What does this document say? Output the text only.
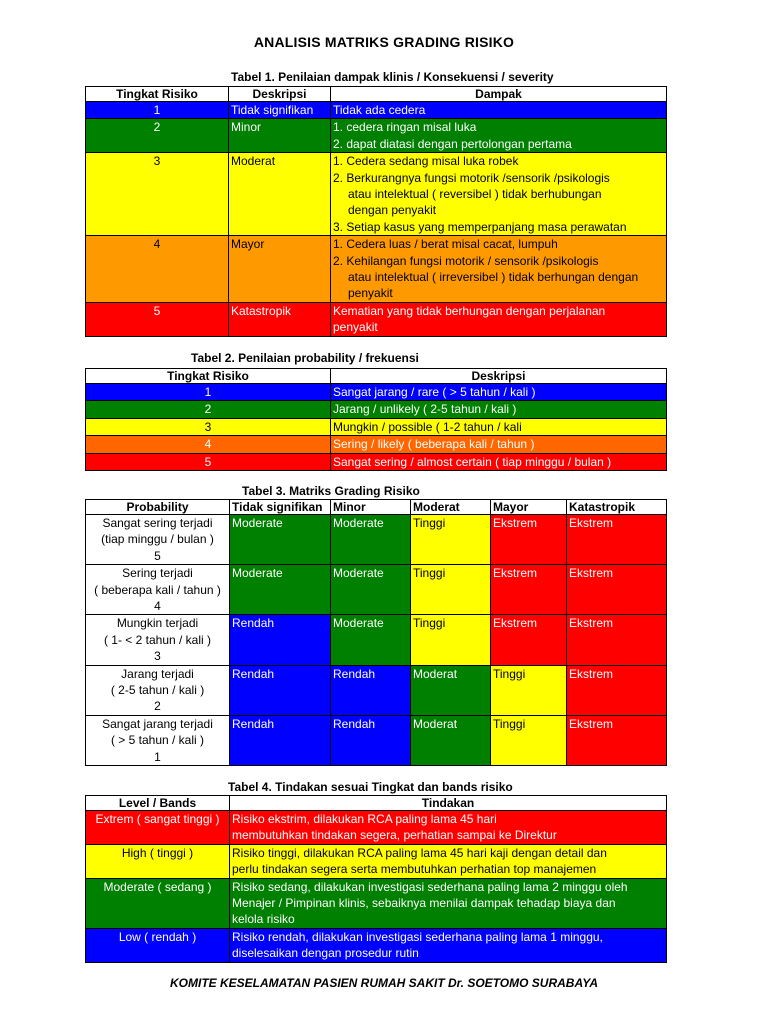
ANALISIS MATRIKS GRADING RISIKO
Tabel 1. Penilaian dampak klinis / Konsekuensi / severity
Tingkat Risiko	Deskripsi	Dampak
1	Tidak signifikan	Tidak ada cedera

2	Minor	1. cedera ringan misal luka
2. dapat diatasi dengan pertolongan pertama

3	Moderat	1. Cedera sedang misal luka robek
2. Berkurangnya fungsi motorik /sensorik /psikologis
atau intelektual ( reversibel ) tidak berhubungan
dengan penyakit
3. Setiap kasus yang memperpanjang masa perawatan

4	Mayor	1. Cedera luas / berat misal cacat, lumpuh
2. Kehilangan fungsi motorik / sensorik /psikologis
atau intelektual ( irreversibel ) tidak berhungan dengan
penyakit

5	Katastropik	Kematian yang tidak berhungan dengan perjalanan
penyakit
Tabel 2. Penilaian probability / frekuensi
Tingkat Risiko	Deskripsi
1	Sangat jarang / rare ( > 5 tahun / kali )
2	Jarang / unlikely ( 2-5 tahun / kali )
3	Mungkin / possible ( 1-2 tahun / kali
4	Sering / likely ( beberapa kali / tahun )
5	Sangat sering / almost certain ( tiap minggu / bulan )
Tabel 3. Matriks Grading Risiko
Probability	Tidak signifikan	Minor	Moderat	Mayor	Katastropik

Sangat sering terjadi
(tiap minggu / bulan )
5	Moderate	Moderate	Tinggi	Ekstrem	Ekstrem

Sering terjadi
( beberapa kali / tahun )
4	Moderate	Moderate	Tinggi	Ekstrem	Ekstrem

Mungkin terjadi
( 1- < 2 tahun / kali )
3	Rendah	Moderate	Tinggi	Ekstrem	Ekstrem

Jarang terjadi
( 2-5 tahun / kali )
2	Rendah	Rendah	Moderat	Tinggi	Ekstrem

Sangat jarang terjadi
( > 5 tahun / kali )
1	Rendah	Rendah	Moderat	Tinggi	Ekstrem
Tabel 4. Tindakan sesuai Tingkat dan bands risiko
Level / Bands	Tindakan
Extrem ( sangat tinggi )	Risiko ekstrim, dilakukan RCA paling lama 45 hari
membutuhkan tindakan segera, perhatian sampai ke Direktur

High ( tinggi )	Risiko tinggi, dilakukan RCA paling lama 45 hari kaji dengan detail dan
perlu tindakan segera serta membutuhkan perhatian top manajemen

Moderate ( sedang )	Risiko sedang, dilakukan investigasi sederhana paling lama 2 minggu oleh
Menajer / Pimpinan klinis, sebaiknya menilai dampak tehadap biaya dan
kelola risiko

Low ( rendah )	Risiko rendah, dilakukan investigasi sederhana paling lama 1 minggu,
diselesaikan dengan prosedur rutin
KOMITE KESELAMATAN PASIEN RUMAH SAKIT Dr. SOETOMO SURABAYA
